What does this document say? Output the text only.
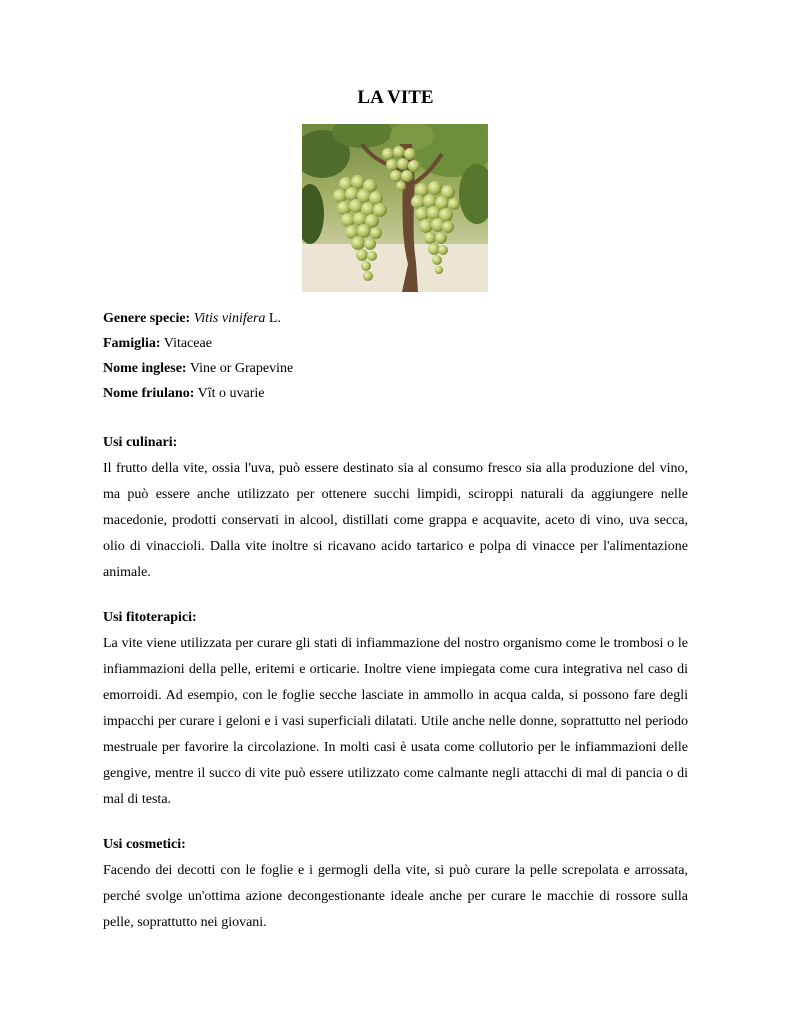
LA VITE

Genere specie: Vitis vinifera L.

Famiglia: Vitaceae

Nome inglese: Vine or Grapevine

Nome friulano: Vît o uvarie

Usi culinari:

Il frutto della vite, ossia l'uva, può essere destinato sia al consumo fresco sia alla produzione del vino, ma può essere anche utilizzato per ottenere succhi limpidi, sciroppi naturali da aggiungere nelle macedonie, prodotti conservati in alcool, distillati come grappa e acquavite, aceto di vino, uva secca, olio di vinaccioli. Dalla vite inoltre si ricavano acido tartarico e polpa di vinacce per l'alimentazione animale.

Usi fitoterapici:

La vite viene utilizzata per curare gli stati di infiammazione del nostro organismo come le trombosi o le infiammazioni della pelle, eritemi e orticarie. Inoltre viene impiegata come cura integrativa nel caso di emorroidi. Ad esempio, con le foglie secche lasciate in ammollo in acqua calda, si possono fare degli impacchi per curare i geloni e i vasi superficiali dilatati. Utile anche nelle donne, soprattutto nel periodo mestruale per favorire la circolazione. In molti casi è usata come collutorio per le infiammazioni delle gengive, mentre il succo di vite può essere utilizzato come calmante negli attacchi di mal di pancia o di mal di testa.

Usi cosmetici:

Facendo dei decotti con le foglie e i germogli della vite, si può curare la pelle screpolata e arrossata, perché svolge un'ottima azione decongestionante ideale anche per curare le macchie di rossore sulla pelle, soprattutto nei giovani.
